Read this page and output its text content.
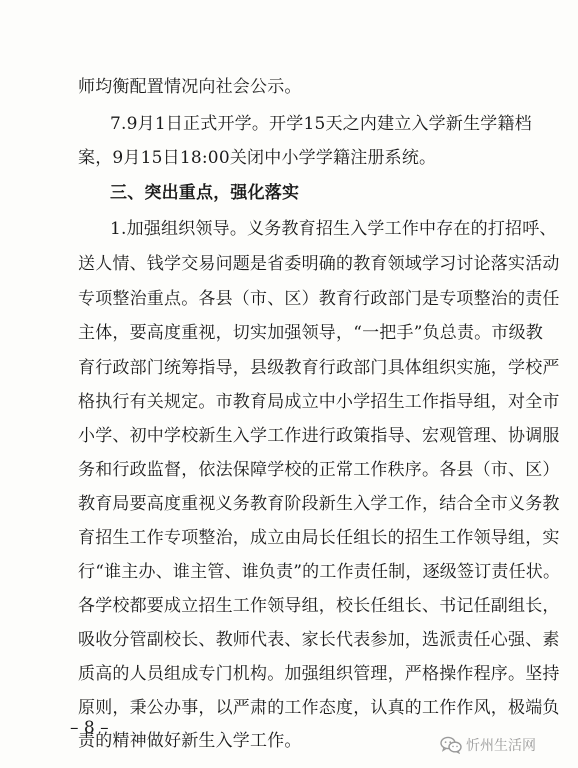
师均衡配置情况向社会公示。
7.9月1日正式开学。开学15天之内建立入学新生学籍档
案，9月15日18:00关闭中小学学籍注册系统。
三、突出重点，强化落实
1.加强组织领导。义务教育招生入学工作中存在的打招呼、
送人情、钱学交易问题是省委明确的教育领域学习讨论落实活动
专项整治重点。各县（市、区）教育行政部门是专项整治的责任
主体，要高度重视，切实加强领导，“一把手”负总责。市级教
育行政部门统筹指导，县级教育行政部门具体组织实施，学校严
格执行有关规定。市教育局成立中小学招生工作指导组，对全市
小学、初中学校新生入学工作进行政策指导、宏观管理、协调服
务和行政监督，依法保障学校的正常工作秩序。各县（市、区）
教育局要高度重视义务教育阶段新生入学工作，结合全市义务教
育招生工作专项整治，成立由局长任组长的招生工作领导组，实
行“谁主办、谁主管、谁负责”的工作责任制，逐级签订责任状。
各学校都要成立招生工作领导组，校长任组长、书记任副组长，
吸收分管副校长、教师代表、家长代表参加，选派责任心强、素
质高的人员组成专门机构。加强组织管理，严格操作程序。坚持
原则，秉公办事，以严肃的工作态度，认真的工作作风，极端负
责的精神做好新生入学工作。
– 8 –
忻州生活网
